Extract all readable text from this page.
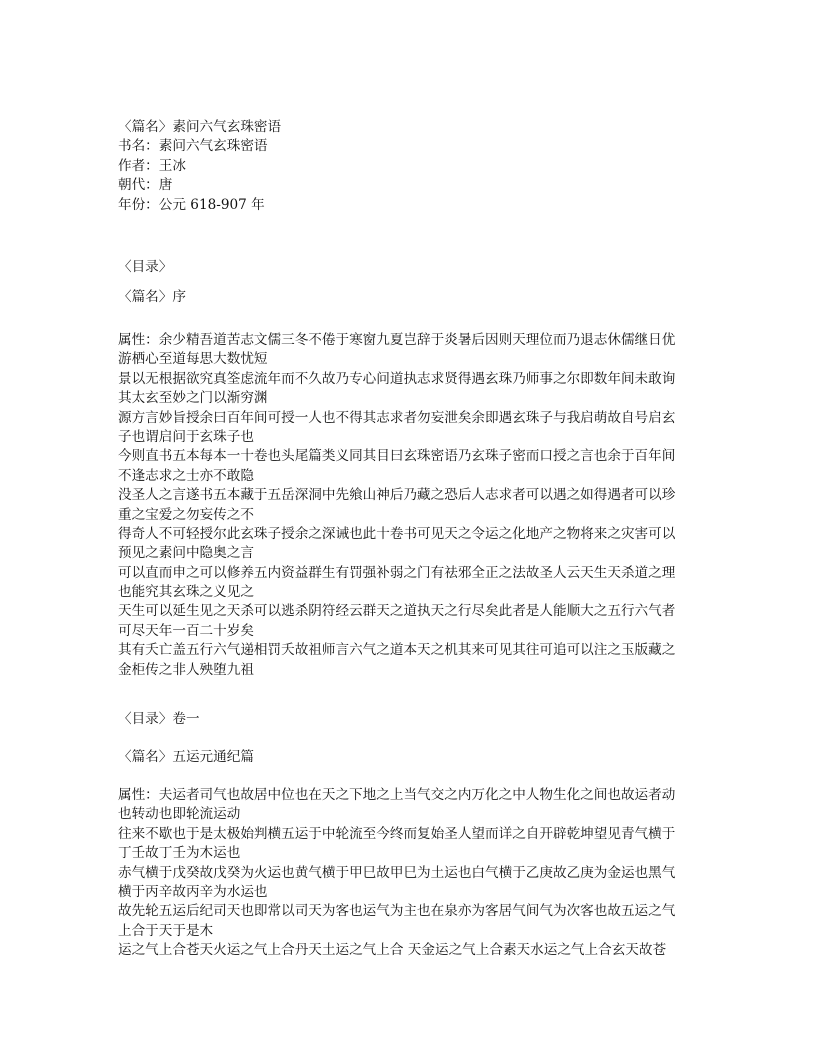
〈篇名〉素问六气玄珠密语
书名：素问六气玄珠密语
作者：王冰
朝代：唐
年份：公元 618-907 年
〈目录〉
〈篇名〉序
属性：余少精吾道苦志文儒三冬不倦于寒窗九夏岂辞于炎暑后因则天理位而乃退志休儒继日优
游栖心至道每思大数忧短
景以无根据欲究真筌虑流年而不久故乃专心问道执志求贤得遇玄珠乃师事之尔即数年间未敢询
其太玄至妙之门以渐穷渊
源方言妙旨授余曰百年间可授一人也不得其志求者勿妄泄矣余即遇玄珠子与我启萌故自号启玄
子也谓启问于玄珠子也
今则直书五本每本一十卷也头尾篇类义同其目曰玄珠密语乃玄珠子密而口授之言也余于百年间
不逢志求之士亦不敢隐
没圣人之言遂书五本藏于五岳深洞中先飨山神后乃藏之恐后人志求者可以遇之如得遇者可以珍
重之宝爱之勿妄传之不
得奇人不可轻授尔此玄珠子授余之深诫也此十卷书可见天之令运之化地产之物将来之灾害可以
预见之素问中隐奥之言
可以直而申之可以修养五内资益群生有罚强补弱之门有祛邪全正之法故圣人云天生天杀道之理
也能究其玄珠之义见之
天生可以延生见之天杀可以逃杀阴符经云群天之道执天之行尽矣此者是人能顺大之五行六气者
可尽天年一百二十岁矣
其有夭亡盖五行六气递相罚夭故祖师言六气之道本天之机其来可见其往可追可以注之玉版藏之
金柜传之非人殃堕九祖
〈目录〉卷一
〈篇名〉五运元通纪篇
属性：夫运者司气也故居中位也在天之下地之上当气交之内万化之中人物生化之间也故运者动
也转动也即轮流运动
往来不歇也于是太极始判横五运于中轮流至今终而复始圣人望而详之自开辟乾坤望见青气横于
丁壬故丁壬为木运也
赤气横于戊癸故戊癸为火运也黄气横于甲巳故甲巳为土运也白气横于乙庚故乙庚为金运也黑气
横于丙辛故丙辛为水运也
故先轮五运后纪司天也即常以司天为客也运气为主也在泉亦为客居气间气为次客也故五运之气
上合于天于是木
运之气上合苍天火运之气上合丹天土运之气上合 天金运之气上合素天水运之气上合玄天故苍
